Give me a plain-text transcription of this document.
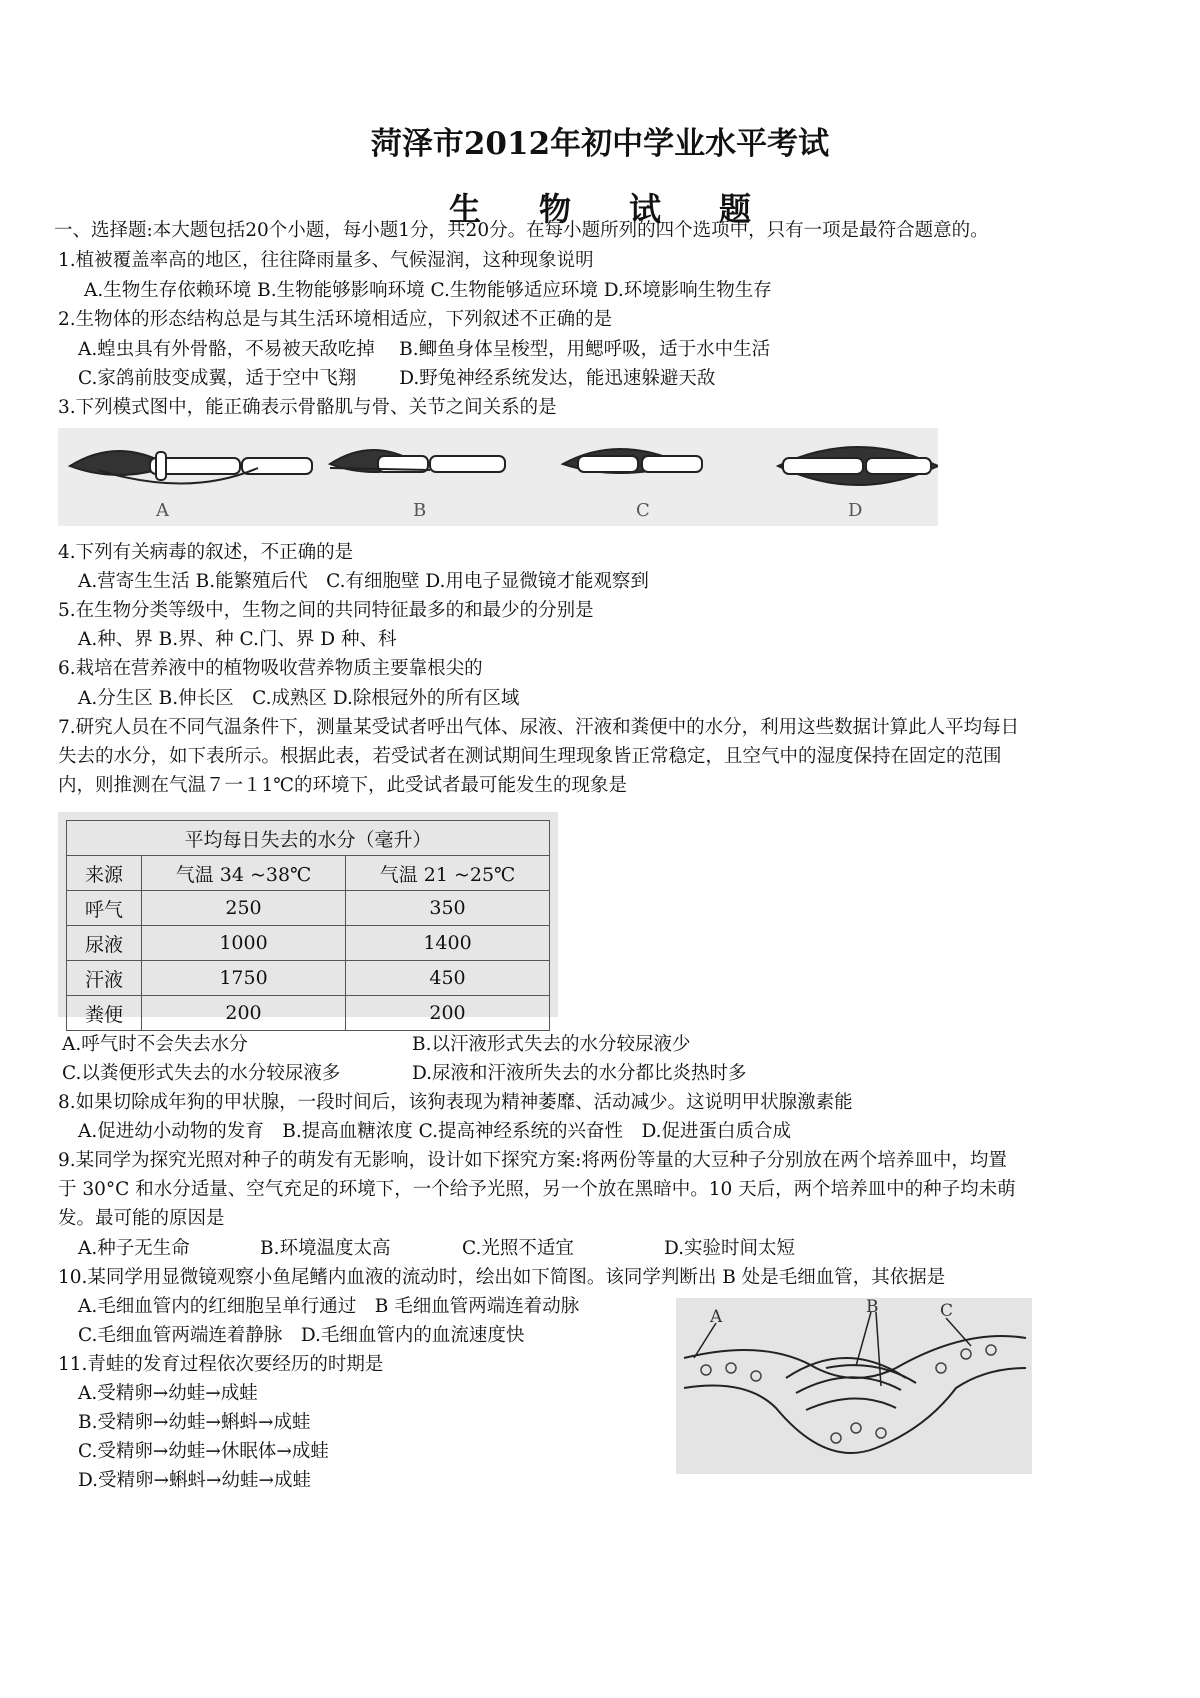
菏泽市2012年初中学业水平考试
生物试题
一、选择题:本大题包括20个小题，每小题1分，共20分。在每小题所列的四个选项中，只有一项是最符合题意的。
1.植被覆盖率高的地区，往往降雨量多、气候湿润，这种现象说明
A.生物生存依赖环境 B.生物能够影响环境 C.生物能够适应环境 D.环境影响生物生存
2.生物体的形态结构总是与其生活环境相适应，下列叙述不正确的是
A.蝗虫具有外骨骼，不易被天敌吃掉　 B.鲫鱼身体呈梭型，用鳃呼吸，适于水中生活
C.家鸽前肢变成翼，适于空中飞翔　　 D.野兔神经系统发达，能迅速躲避天敌
3.下列模式图中，能正确表示骨骼肌与骨、关节之间关系的是
A	B	C	D
4.下列有关病毒的叙述，不正确的是
A.营寄生生活 B.能繁殖后代　C.有细胞壁 D.用电子显微镜才能观察到
5.在生物分类等级中，生物之间的共同特征最多的和最少的分别是
A.种、界 B.界、种 C.门、界 D 种、科
6.栽培在营养液中的植物吸收营养物质主要靠根尖的
A.分生区 B.伸长区　C.成熟区 D.除根冠外的所有区域
7.研究人员在不同气温条件下，测量某受试者呼出气体、尿液、汗液和粪便中的水分，利用这些数据计算此人平均每日
失去的水分，如下表所示。根据此表，若受试者在测试期间生理现象皆正常稳定，且空气中的湿度保持在固定的范围
内，则推测在气温７一１1℃的环境下，此受试者最可能发生的现象是
平均每日失去的水分（毫升）		
来源	气温 34 ~38℃	气温 21 ~25℃
呼气	250	350
尿液	1000	1400
汗液	1750	450
粪便	200	200
A.呼气时不会失去水分	B.以汗液形式失去的水分较尿液少
C.以粪便形式失去的水分较尿液多	D.尿液和汗液所失去的水分都比炎热时多
8.如果切除成年狗的甲状腺，一段时间后，该狗表现为精神萎靡、活动减少。这说明甲状腺激素能
A.促进幼小动物的发育　B.提高血糖浓度 C.提高神经系统的兴奋性　D.促进蛋白质合成
9.某同学为探究光照对种子的萌发有无影响，设计如下探究方案:将两份等量的大豆种子分别放在两个培养皿中，均置
于 30°C 和水分适量、空气充足的环境下，一个给予光照，另一个放在黑暗中。10 天后，两个培养皿中的种子均未萌
发。最可能的原因是
A.种子无生命	B.环境温度太高	C.光照不适宜	D.实验时间太短
10.某同学用显微镜观察小鱼尾鳍内血液的流动时，绘出如下简图。该同学判断出 B 处是毛细血管，其依据是
A.毛细血管内的红细胞呈单行通过　B 毛细血管两端连着动脉
C.毛细血管两端连着静脉　D.毛细血管内的血流速度快
A	B	C
11.青蛙的发育过程依次要经历的时期是
A.受精卵→幼蛙→成蛙
B.受精卵→幼蛙→蝌蚪→成蛙
C.受精卵→幼蛙→休眠体→成蛙
D.受精卵→蝌蚪→幼蛙→成蛙
